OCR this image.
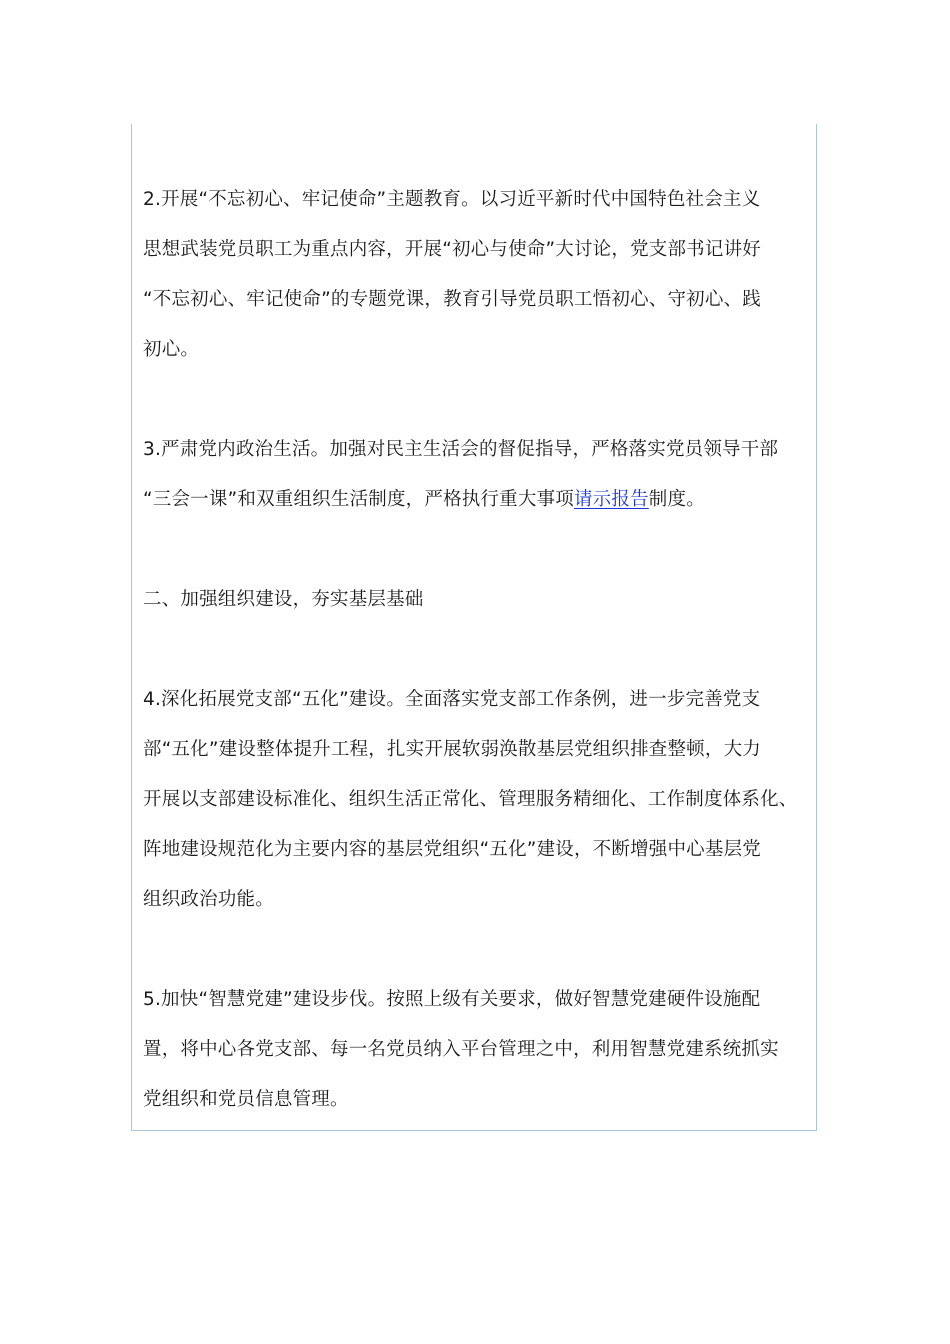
2.开展“不忘初心、牢记使命”主题教育。以习近平新时代中国特色社会主义
思想武装党员职工为重点内容，开展“初心与使命”大讨论，党支部书记讲好
“不忘初心、牢记使命”的专题党课，教育引导党员职工悟初心、守初心、践
初心。
3.严肃党内政治生活。加强对民主生活会的督促指导，严格落实党员领导干部
“三会一课”和双重组织生活制度，严格执行重大事项请示报告制度。
二、加强组织建设，夯实基层基础
4.深化拓展党支部“五化”建设。全面落实党支部工作条例，进一步完善党支
部“五化”建设整体提升工程，扎实开展软弱涣散基层党组织排查整顿，大力
开展以支部建设标准化、组织生活正常化、管理服务精细化、工作制度体系化、
阵地建设规范化为主要内容的基层党组织“五化”建设，不断增强中心基层党
组织政治功能。
5.加快“智慧党建”建设步伐。按照上级有关要求，做好智慧党建硬件设施配
置，将中心各党支部、每一名党员纳入平台管理之中，利用智慧党建系统抓实
党组织和党员信息管理。
